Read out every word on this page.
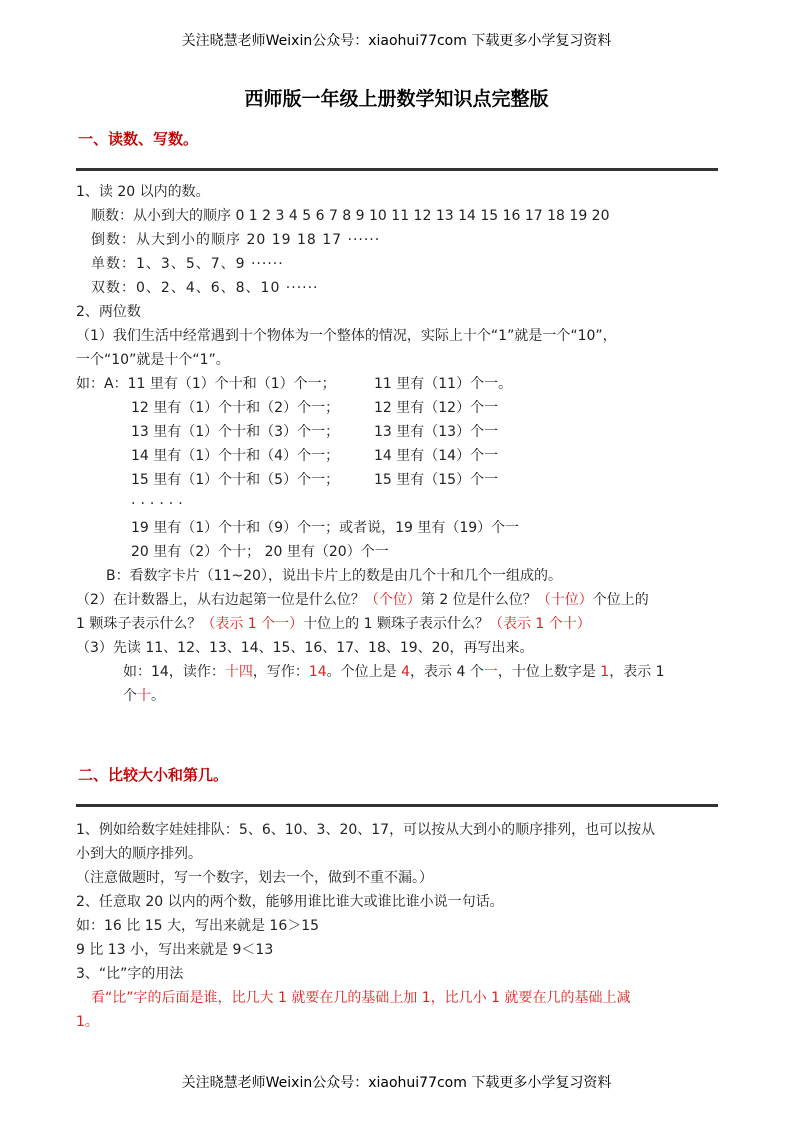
关注晓慧老师Weixin公众号：xiaohui77com 下载更多小学复习资料
西师版一年级上册数学知识点完整版
一、读数、写数。
1、读 20 以内的数。
顺数：从小到大的顺序 0 1 2 3 4 5 6 7 8 9 10 11 12 13 14 15 16 17 18 19 20
倒数：从大到小的顺序 20 19 18 17 ······
单数：1、3、5、7、9 ······
双数：0、2、4、6、8、10 ······
2、两位数
（1）我们生活中经常遇到十个物体为一个整体的情况，实际上十个“1”就是一个“10”，
一个“10”就是十个“1”。
如：A：11 里有（1）个十和（1）个一；	11 里有（11）个一。
12 里有（1）个十和（2）个一； 12 里有（12）个一
13 里有（1）个十和（3）个一； 13 里有（13）个一
14 里有（1）个十和（4）个一； 14 里有（14）个一
15 里有（1）个十和（5）个一； 15 里有（15）个一
······
19 里有（1）个十和（9）个一；或者说，19 里有（19）个一
20 里有（2）个十； 20 里有（20）个一
B：看数字卡片（11~20），说出卡片上的数是由几个十和几个一组成的。
（2）在计数器上，从右边起第一位是什么位？（个位）第 2 位是什么位？（十位）个位上的
1 颗珠子表示什么？（表示 1 个一）十位上的 1 颗珠子表示什么？（表示 1 个十）
（3）先读 11、12、13、14、15、16、17、18、19、20，再写出来。
如：14，读作：十四，写作：14。个位上是 4，表示 4 个一，十位上数字是 1，表示 1
个十。
二、比较大小和第几。
1、例如给数字娃娃排队：5、6、10、3、20、17，可以按从大到小的顺序排列，也可以按从
小到大的顺序排列。
（注意做题时，写一个数字，划去一个，做到不重不漏。）
2、任意取 20 以内的两个数，能够用谁比谁大或谁比谁小说一句话。
如：16 比 15 大，写出来就是 16＞15
9 比 13 小，写出来就是 9＜13
3、“比”字的用法
看“比”字的后面是谁，比几大 1 就要在几的基础上加 1，比几小 1 就要在几的基础上减
1。
关注晓慧老师Weixin公众号：xiaohui77com 下载更多小学复习资料
